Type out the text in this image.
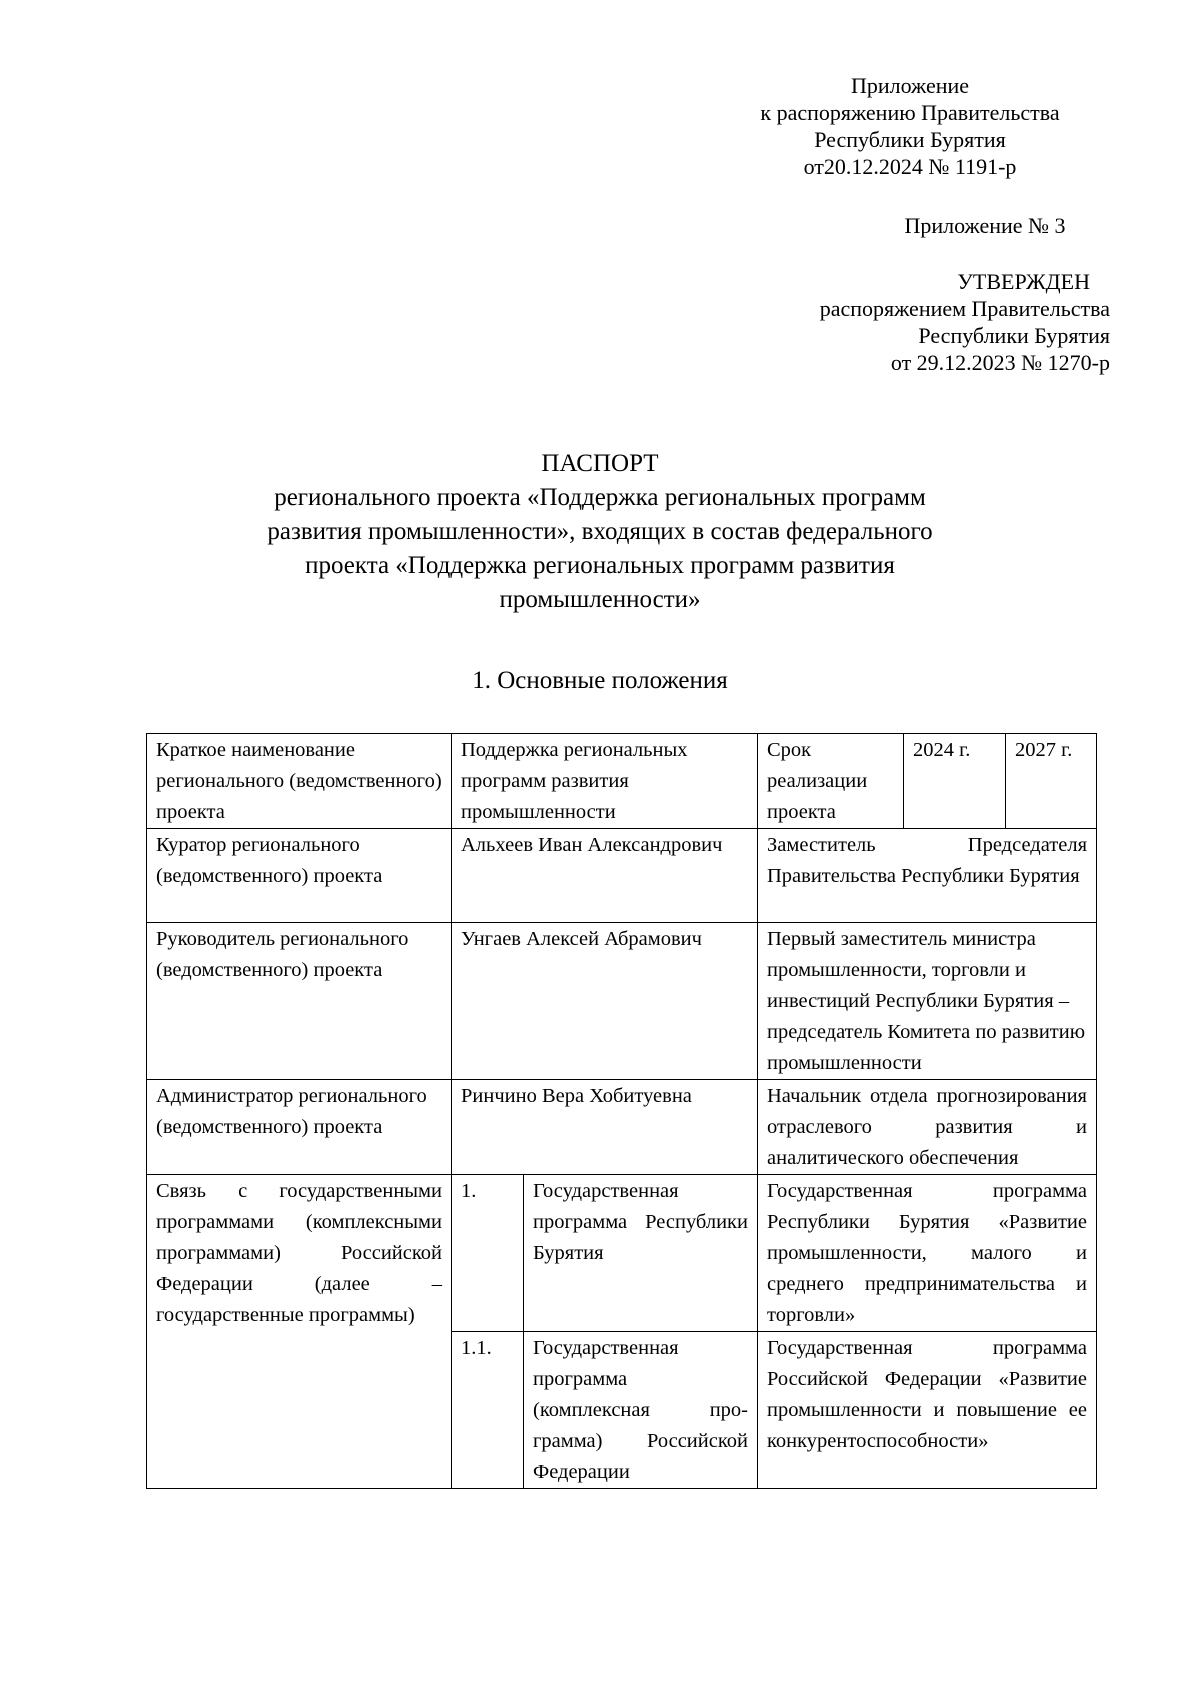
Приложение
к распоряжению Правительства
Республики Бурятия
от20.12.2024 № 1191-р
Приложение № 3
УТВЕРЖДЕН
распоряжением Правительства
Республики Бурятия
от 29.12.2023 № 1270-р
ПАСПОРТ
регионального проекта «Поддержка региональных программ
развития промышленности», входящих в состав федерального
проекта «Поддержка региональных программ развития
промышленности»
1. Основные положения
Краткое наименование регионального (ведомственного) проекта	Поддержка региональных программ развития промышленности		Срок реализации проекта	2024 г.	2027 г.
Куратор регионального (ведомственного) проекта	Альхеев Иван Александрович		Заместитель Председателя Правительства Республики Бурятия		
Руководитель регионального (ведомственного) проекта	Унгаев Алексей Абрамович		Первый заместитель министра промышленности, торговли и инвестиций Республики Бурятия – председатель Комитета по развитию промышленности		
Администратор регионального (ведомственного) проекта	Ринчино Вера Хобитуевна		Начальник отдела прогнозирования отраслевого развития и аналитического обеспечения		
Связь с государственными программами (комплексными программами) Российской Федерации (далее – государственные программы)	1.	Государственная программа Республики Бурятия	Государственная программа Республики Бурятия «Развитие промышленности, малого и среднего предпринимательства и торговли»		
	1.1.	Государственная программа (комплексная программа) Российской Федерации	Государственная программа Российской Федерации «Развитие промышленности и повышение ее конкурентоспособности»		
